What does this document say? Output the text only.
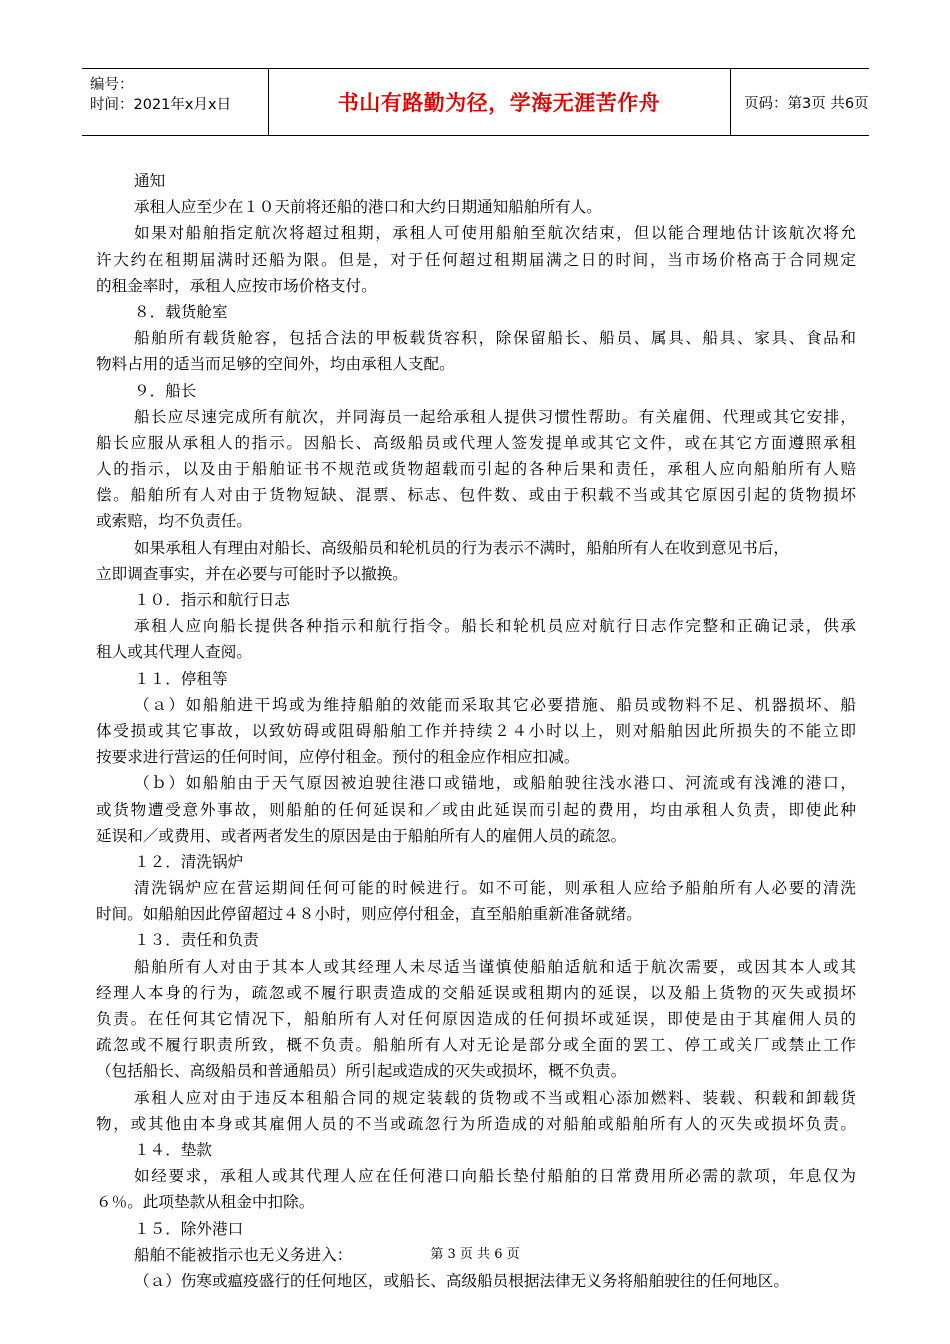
编号：
时间：2021年x月x日	书山有路勤为径，学海无涯苦作舟	页码：第3页 共6页
通知
承租人应至少在１０天前将还船的港口和大约日期通知船舶所有人。
如果对船舶指定航次将超过租期，承租人可使用船舶至航次结束，但以能合理地估计该航次将允
许大约在租期届满时还船为限。但是，对于任何超过租期届满之日的时间，当市场价格高于合同规定
的租金率时，承租人应按市场价格支付。
８．载货舱室
船舶所有载货舱容，包括合法的甲板载货容积，除保留船长、船员、属具、船具、家具、食品和
物料占用的适当而足够的空间外，均由承租人支配。
９．船长
船长应尽速完成所有航次，并同海员一起给承租人提供习惯性帮助。有关雇佣、代理或其它安排，
船长应服从承租人的指示。因船长、高级船员或代理人签发提单或其它文件，或在其它方面遵照承租
人的指示，以及由于船舶证书不规范或货物超载而引起的各种后果和责任，承租人应向船舶所有人赔
偿。船舶所有人对由于货物短缺、混票、标志、包件数、或由于积载不当或其它原因引起的货物损坏
或索赔，均不负责任。
如果承租人有理由对船长、高级船员和轮机员的行为表示不满时，船舶所有人在收到意见书后，
立即调查事实，并在必要与可能时予以撤换。
１０．指示和航行日志
承租人应向船长提供各种指示和航行指令。船长和轮机员应对航行日志作完整和正确记录，供承
租人或其代理人查阅。
１１．停租等
（ａ）如船舶进干坞或为维持船舶的效能而采取其它必要措施、船员或物料不足、机器损坏、船
体受损或其它事故，以致妨碍或阻碍船舶工作并持续２４小时以上，则对船舶因此所损失的不能立即
按要求进行营运的任何时间，应停付租金。预付的租金应作相应扣减。
（ｂ）如船舶由于天气原因被迫驶往港口或锚地，或船舶驶往浅水港口、河流或有浅滩的港口，
或货物遭受意外事故，则船舶的任何延误和／或由此延误而引起的费用，均由承租人负责，即使此种
延误和／或费用、或者两者发生的原因是由于船舶所有人的雇佣人员的疏忽。
１２．清洗锅炉
清洗锅炉应在营运期间任何可能的时候进行。如不可能，则承租人应给予船舶所有人必要的清洗
时间。如船舶因此停留超过４８小时，则应停付租金，直至船舶重新准备就绪。
１３．责任和负责
船舶所有人对由于其本人或其经理人未尽适当谨慎使船舶适航和适于航次需要，或因其本人或其
经理人本身的行为，疏忽或不履行职责造成的交船延误或租期内的延误，以及船上货物的灭失或损坏
负责。在任何其它情况下，船舶所有人对任何原因造成的任何损坏或延误，即使是由于其雇佣人员的
疏忽或不履行职责所致，概不负责。船舶所有人对无论是部分或全面的罢工、停工或关厂或禁止工作
（包括船长、高级船员和普通船员）所引起或造成的灭失或损坏，概不负责。
承租人应对由于违反本租船合同的规定装载的货物或不当或粗心添加燃料、装载、积载和卸载货
物，或其他由本身或其雇佣人员的不当或疏忽行为所造成的对船舶或船舶所有人的灭失或损坏负责。
１４．垫款
如经要求，承租人或其代理人应在任何港口向船长垫付船舶的日常费用所必需的款项，年息仅为
６％。此项垫款从租金中扣除。
１５．除外港口
船舶不能被指示也无义务进入：
（ａ）伤寒或瘟疫盛行的任何地区，或船长、高级船员根据法律无义务将船舶驶往的任何地区。
第 3 页 共 6 页
